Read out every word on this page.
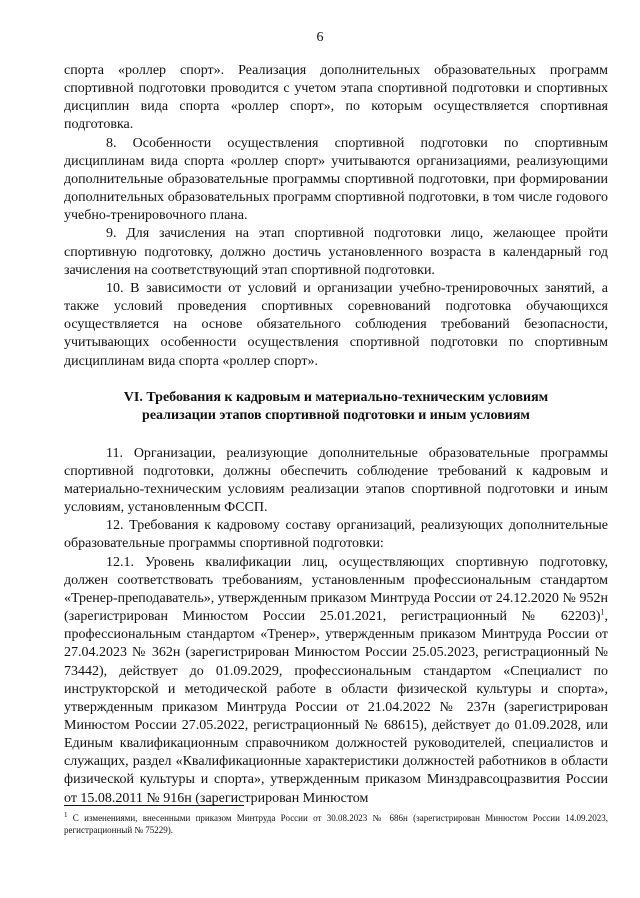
6

спорта «роллер спорт». Реализация дополнительных образовательных программ спортивной подготовки проводится с учетом этапа спортивной подготовки и спортивных дисциплин вида спорта «роллер спорт», по которым осуществляется спортивная подготовка.

8. Особенности осуществления спортивной подготовки по спортивным дисциплинам вида спорта «роллер спорт» учитываются организациями, реализующими дополнительные образовательные программы спортивной подготовки, при формировании дополнительных образовательных программ спортивной подготовки, в том числе годового учебно-тренировочного плана.

9. Для зачисления на этап спортивной подготовки лицо, желающее пройти спортивную подготовку, должно достичь установленного возраста в календарный год зачисления на соответствующий этап спортивной подготовки.

10. В зависимости от условий и организации учебно-тренировочных занятий, а также условий проведения спортивных соревнований подготовка обучающихся осуществляется на основе обязательного соблюдения требований безопасности, учитывающих особенности осуществления спортивной подготовки по спортивным дисциплинам вида спорта «роллер спорт».

VI. Требования к кадровым и материально-техническим условиям
реализации этапов спортивной подготовки и иным условиям

11. Организации, реализующие дополнительные образовательные программы спортивной подготовки, должны обеспечить соблюдение требований к кадровым и материально-техническим условиям реализации этапов спортивной подготовки и иным условиям, установленным ФССП.

12. Требования к кадровому составу организаций, реализующих дополнительные образовательные программы спортивной подготовки:

12.1. Уровень квалификации лиц, осуществляющих спортивную подготовку, должен соответствовать требованиям, установленным профессиональным стандартом «Тренер-преподаватель», утвержденным приказом Минтруда России от 24.12.2020 № 952н (зарегистрирован Минюстом России 25.01.2021, регистрационный № 62203)$^1$, профессиональным стандартом «Тренер», утвержденным приказом Минтруда России от 27.04.2023 № 362н (зарегистрирован Минюстом России 25.05.2023, регистрационный № 73442), действует до 01.09.2029, профессиональным стандартом «Специалист по инструкторской и методической работе в области физической культуры и спорта», утвержденным приказом Минтруда России от 21.04.2022 № 237н (зарегистрирован Минюстом России 27.05.2022, регистрационный № 68615), действует до 01.09.2028, или Единым квалификационным справочником должностей руководителей, специалистов и служащих, раздел «Квалификационные характеристики должностей работников в области физической культуры и спорта», утвержденным приказом Минздравсоцразвития России от 15.08.2011 № 916н (зарегистрирован Минюстом

$^1$ С изменениями, внесенными приказом Минтруда России от 30.08.2023 № 686н (зарегистрирован Минюстом России 14.09.2023, регистрационный № 75229).
